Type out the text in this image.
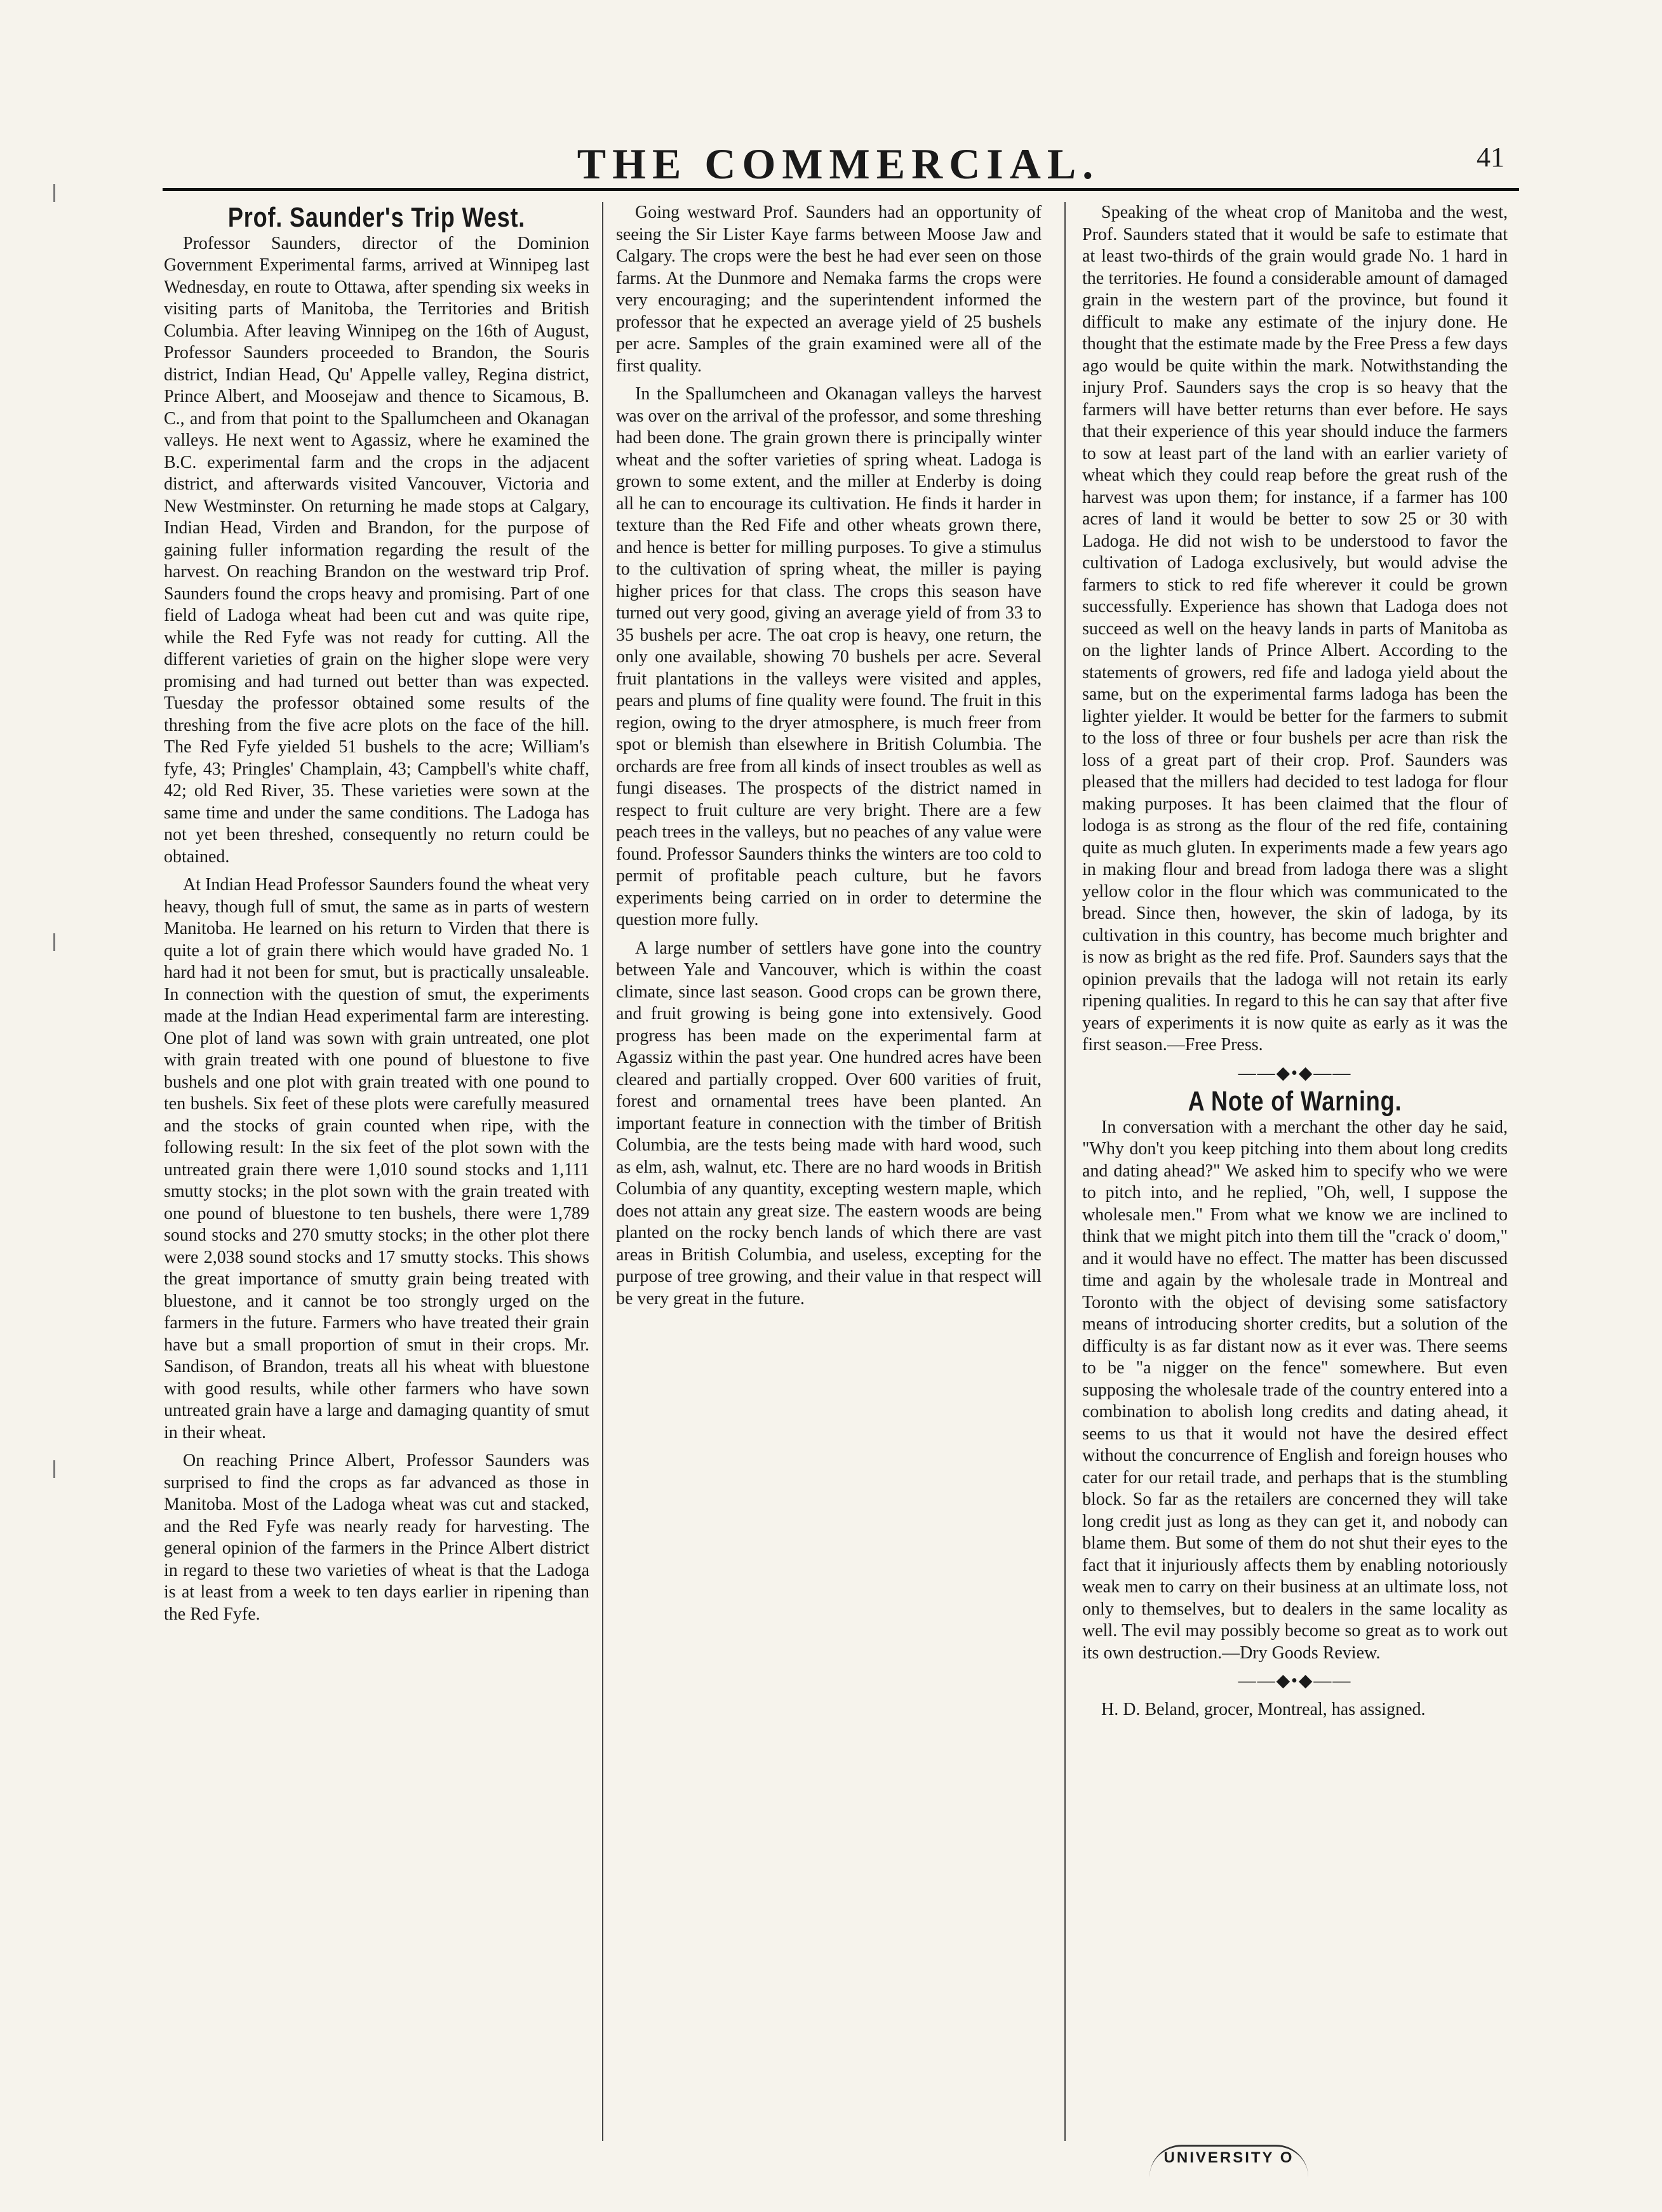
THE COMMERCIAL.	41
Prof. Saunder's Trip West.

Professor Saunders, director of the Dominion Government Experimental farms, arrived at Winnipeg last Wednesday, en route to Ottawa, after spending six weeks in visiting parts of Manitoba, the Territories and British Columbia. After leaving Winnipeg on the 16th of August, Professor Saunders proceeded to Brandon, the Souris district, Indian Head, Qu' Appelle valley, Regina district, Prince Albert, and Moosejaw and thence to Sicamous, B. C., and from that point to the Spallumcheen and Okanagan valleys. He next went to Agassiz, where he examined the B.C. experimental farm and the crops in the adjacent district, and afterwards visited Vancouver, Victoria and New Westminster. On returning he made stops at Calgary, Indian Head, Virden and Brandon, for the purpose of gaining fuller information regarding the result of the harvest. On reaching Brandon on the westward trip Prof. Saunders found the crops heavy and promising. Part of one field of Ladoga wheat had been cut and was quite ripe, while the Red Fyfe was not ready for cutting. All the different varieties of grain on the higher slope were very promising and had turned out better than was expected. Tuesday the professor obtained some results of the threshing from the five acre plots on the face of the hill. The Red Fyfe yielded 51 bushels to the acre; William's fyfe, 43; Pringles' Champlain, 43; Campbell's white chaff, 42; old Red River, 35. These varieties were sown at the same time and under the same conditions. The Ladoga has not yet been threshed, consequently no return could be obtained.

At Indian Head Professor Saunders found the wheat very heavy, though full of smut, the same as in parts of western Manitoba. He learned on his return to Virden that there is quite a lot of grain there which would have graded No. 1 hard had it not been for smut, but is practically unsaleable. In connection with the question of smut, the experiments made at the Indian Head experimental farm are interesting. One plot of land was sown with grain untreated, one plot with grain treated with one pound of bluestone to five bushels and one plot with grain treated with one pound to ten bushels. Six feet of these plots were carefully measured and the stocks of grain counted when ripe, with the following result: In the six feet of the plot sown with the untreated grain there were 1,010 sound stocks and 1,111 smutty stocks; in the plot sown with the grain treated with one pound of bluestone to ten bushels, there were 1,789 sound stocks and 270 smutty stocks; in the other plot there were 2,038 sound stocks and 17 smutty stocks. This shows the great importance of smutty grain being treated with bluestone, and it cannot be too strongly urged on the farmers in the future. Farmers who have treated their grain have but a small proportion of smut in their crops. Mr. Sandison, of Brandon, treats all his wheat with bluestone with good results, while other farmers who have sown untreated grain have a large and damaging quantity of smut in their wheat.

On reaching Prince Albert, Professor Saunders was surprised to find the crops as far advanced as those in Manitoba. Most of the Ladoga wheat was cut and stacked, and the Red Fyfe was nearly ready for harvesting. The general opinion of the farmers in the Prince Albert district in regard to these two varieties of wheat is that the Ladoga is at least from a week to ten days earlier in ripening than the Red Fyfe.

Going westward Prof. Saunders had an opportunity of seeing the Sir Lister Kaye farms between Moose Jaw and Calgary. The crops were the best he had ever seen on those farms. At the Dunmore and Nemaka farms the crops were very encouraging; and the superintendent informed the professor that he expected an average yield of 25 bushels per acre. Samples of the grain examined were all of the first quality.

In the Spallumcheen and Okanagan valleys the harvest was over on the arrival of the professor, and some threshing had been done. The grain grown there is principally winter wheat and the softer varieties of spring wheat. Ladoga is grown to some extent, and the miller at Enderby is doing all he can to encourage its cultivation. He finds it harder in texture than the Red Fife and other wheats grown there, and hence is better for milling purposes. To give a stimulus to the cultivation of spring wheat, the miller is paying higher prices for that class. The crops this season have turned out very good, giving an average yield of from 33 to 35 bushels per acre. The oat crop is heavy, one return, the only one available, showing 70 bushels per acre. Several fruit plantations in the valleys were visited and apples, pears and plums of fine quality were found. The fruit in this region, owing to the dryer atmosphere, is much freer from spot or blemish than elsewhere in British Columbia. The orchards are free from all kinds of insect troubles as well as fungi diseases. The prospects of the district named in respect to fruit culture are very bright. There are a few peach trees in the valleys, but no peaches of any value were found. Professor Saunders thinks the winters are too cold to permit of profitable peach culture, but he favors experiments being carried on in order to determine the question more fully.

A large number of settlers have gone into the country between Yale and Vancouver, which is within the coast climate, since last season. Good crops can be grown there, and fruit growing is being gone into extensively. Good progress has been made on the experimental farm at Agassiz within the past year. One hundred acres have been cleared and partially cropped. Over 600 varities of fruit, forest and ornamental trees have been planted. An important feature in connection with the timber of British Columbia, are the tests being made with hard wood, such as elm, ash, walnut, etc. There are no hard woods in British Columbia of any quantity, excepting western maple, which does not attain any great size. The eastern woods are being planted on the rocky bench lands of which there are vast areas in British Columbia, and useless, excepting for the purpose of tree growing, and their value in that respect will be very great in the future.

Speaking of the wheat crop of Manitoba and the west, Prof. Saunders stated that it would be safe to estimate that at least two-thirds of the grain would grade No. 1 hard in the territories. He found a considerable amount of damaged grain in the western part of the province, but found it difficult to make any estimate of the injury done. He thought that the estimate made by the Free Press a few days ago would be quite within the mark. Notwithstanding the injury Prof. Saunders says the crop is so heavy that the farmers will have better returns than ever before. He says that their experience of this year should induce the farmers to sow at least part of the land with an earlier variety of wheat which they could reap before the great rush of the harvest was upon them; for instance, if a farmer has 100 acres of land it would be better to sow 25 or 30 with Ladoga. He did not wish to be understood to favor the cultivation of Ladoga exclusively, but would advise the farmers to stick to red fife wherever it could be grown successfully. Experience has shown that Ladoga does not succeed as well on the heavy lands in parts of Manitoba as on the lighter lands of Prince Albert. According to the statements of growers, red fife and ladoga yield about the same, but on the experimental farms ladoga has been the lighter yielder. It would be better for the farmers to submit to the loss of three or four bushels per acre than risk the loss of a great part of their crop. Prof. Saunders was pleased that the millers had decided to test ladoga for flour making purposes. It has been claimed that the flour of lodoga is as strong as the flour of the red fife, containing quite as much gluten. In experiments made a few years ago in making flour and bread from ladoga there was a slight yellow color in the flour which was communicated to the bread. Since then, however, the skin of ladoga, by its cultivation in this country, has become much brighter and is now as bright as the red fife. Prof. Saunders says that the opinion prevails that the ladoga will not retain its early ripening qualities. In regard to this he can say that after five years of experiments it is now quite as early as it was the first season.—Free Press.

——◆•◆——
A Note of Warning.

In conversation with a merchant the other day he said, "Why don't you keep pitching into them about long credits and dating ahead?" We asked him to specify who we were to pitch into, and he replied, "Oh, well, I suppose the wholesale men." From what we know we are inclined to think that we might pitch into them till the "crack o' doom," and it would have no effect. The matter has been discussed time and again by the wholesale trade in Montreal and Toronto with the object of devising some satisfactory means of introducing shorter credits, but a solution of the difficulty is as far distant now as it ever was. There seems to be "a nigger on the fence" somewhere. But even supposing the wholesale trade of the country entered into a combination to abolish long credits and dating ahead, it seems to us that it would not have the desired effect without the concurrence of English and foreign houses who cater for our retail trade, and perhaps that is the stumbling block. So far as the retailers are concerned they will take long credit just as long as they can get it, and nobody can blame them. But some of them do not shut their eyes to the fact that it injuriously affects them by enabling notoriously weak men to carry on their business at an ultimate loss, not only to themselves, but to dealers in the same locality as well. The evil may possibly become so great as to work out its own destruction.—Dry Goods Review.

——◆•◆——

H. D. Beland, grocer, Montreal, has assigned.

UNIVERSITY O
